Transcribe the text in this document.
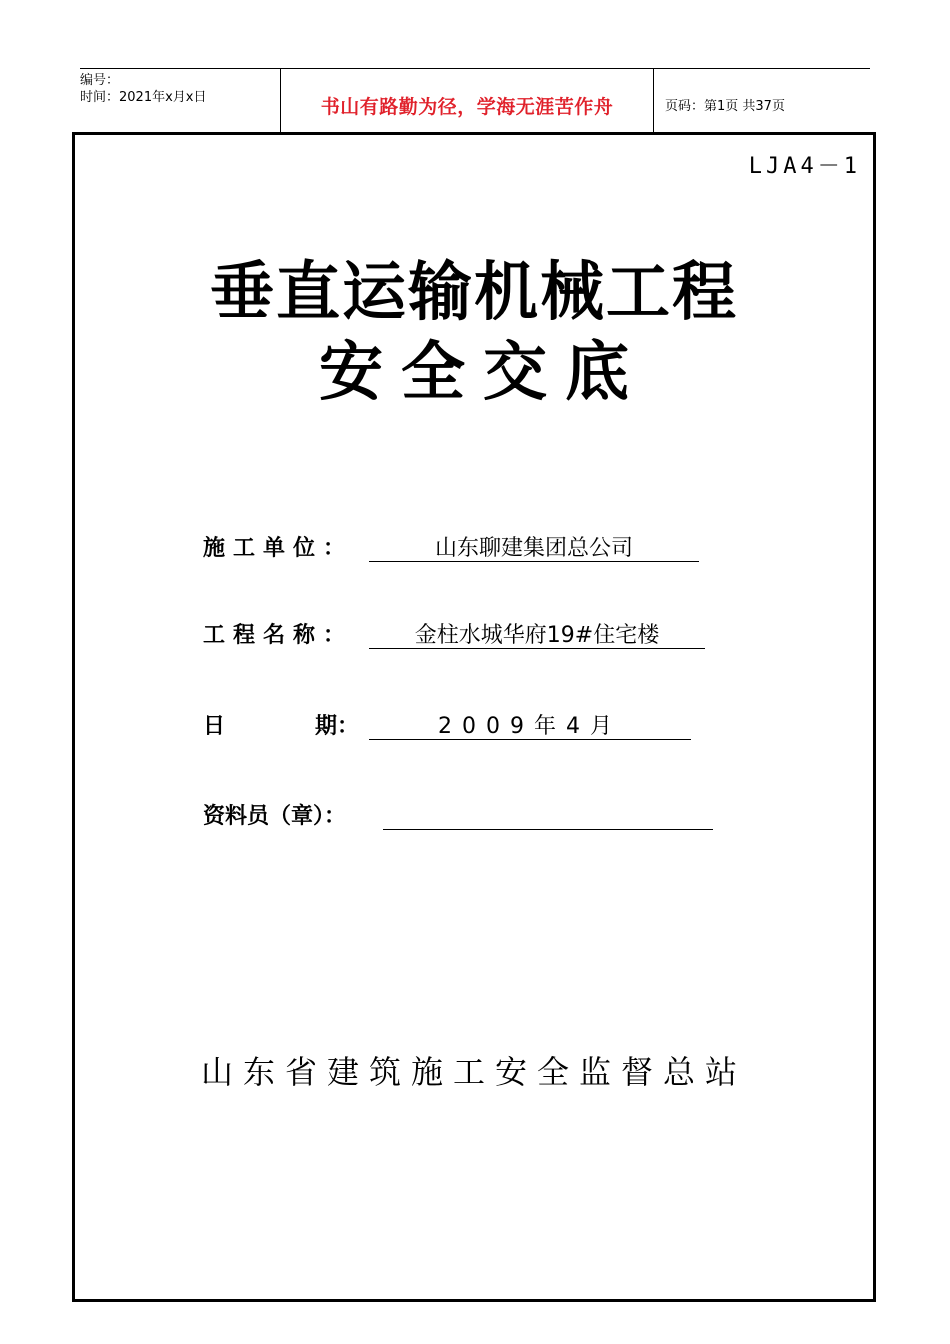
编号：
时间：2021年x月x日	书山有路勤为径，学海无涯苦作舟	页码：第1页 共37页
LJA4－1
垂直运输机械工程
安全交底
施工单位：	山东聊建集团总公司
工程名称：	金柱水城华府19#住宅楼
日	期：	2009年4月
资料员（章）：
山东省建筑施工安全监督总站
